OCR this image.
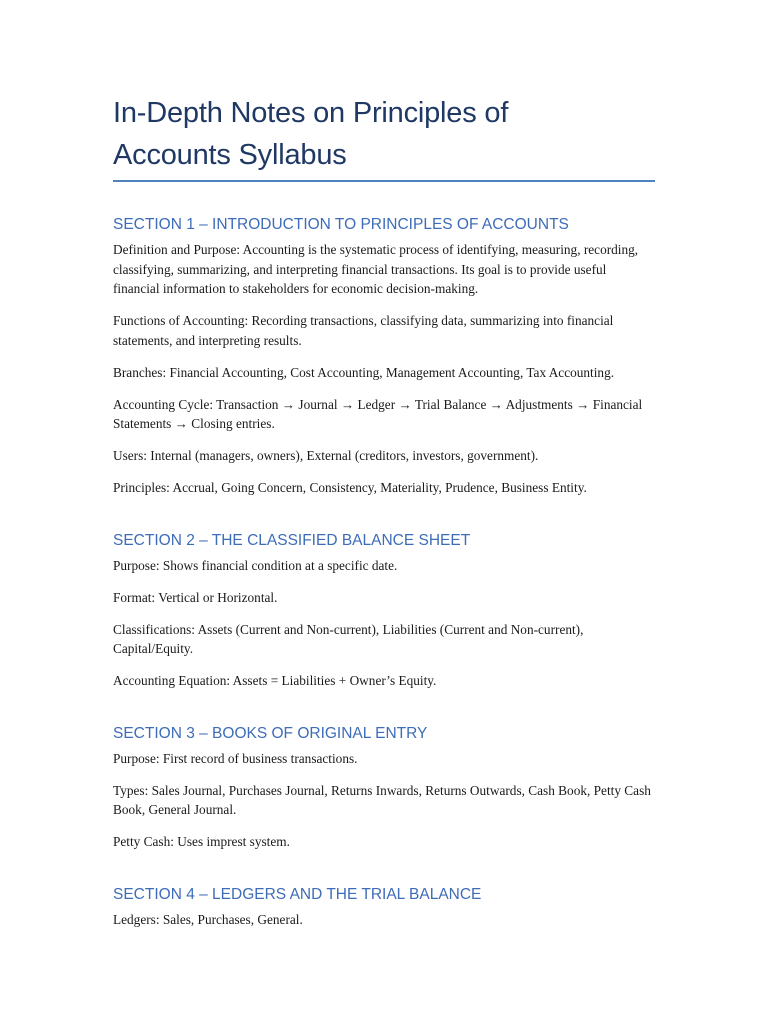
In-Depth Notes on Principles of
Accounts Syllabus
SECTION 1 – INTRODUCTION TO PRINCIPLES OF ACCOUNTS

Definition and Purpose: Accounting is the systematic process of identifying, measuring, recording, classifying, summarizing, and interpreting financial transactions. Its goal is to provide useful financial information to stakeholders for economic decision-making.

Functions of Accounting: Recording transactions, classifying data, summarizing into financial statements, and interpreting results.

Branches: Financial Accounting, Cost Accounting, Management Accounting, Tax Accounting.

Accounting Cycle: Transaction → Journal → Ledger → Trial Balance → Adjustments → Financial Statements → Closing entries.

Users: Internal (managers, owners), External (creditors, investors, government).

Principles: Accrual, Going Concern, Consistency, Materiality, Prudence, Business Entity.

SECTION 2 – THE CLASSIFIED BALANCE SHEET

Purpose: Shows financial condition at a specific date.

Format: Vertical or Horizontal.

Classifications: Assets (Current and Non-current), Liabilities (Current and Non-current), Capital/Equity.

Accounting Equation: Assets = Liabilities + Owner’s Equity.

SECTION 3 – BOOKS OF ORIGINAL ENTRY

Purpose: First record of business transactions.

Types: Sales Journal, Purchases Journal, Returns Inwards, Returns Outwards, Cash Book, Petty Cash Book, General Journal.

Petty Cash: Uses imprest system.

SECTION 4 – LEDGERS AND THE TRIAL BALANCE

Ledgers: Sales, Purchases, General.
